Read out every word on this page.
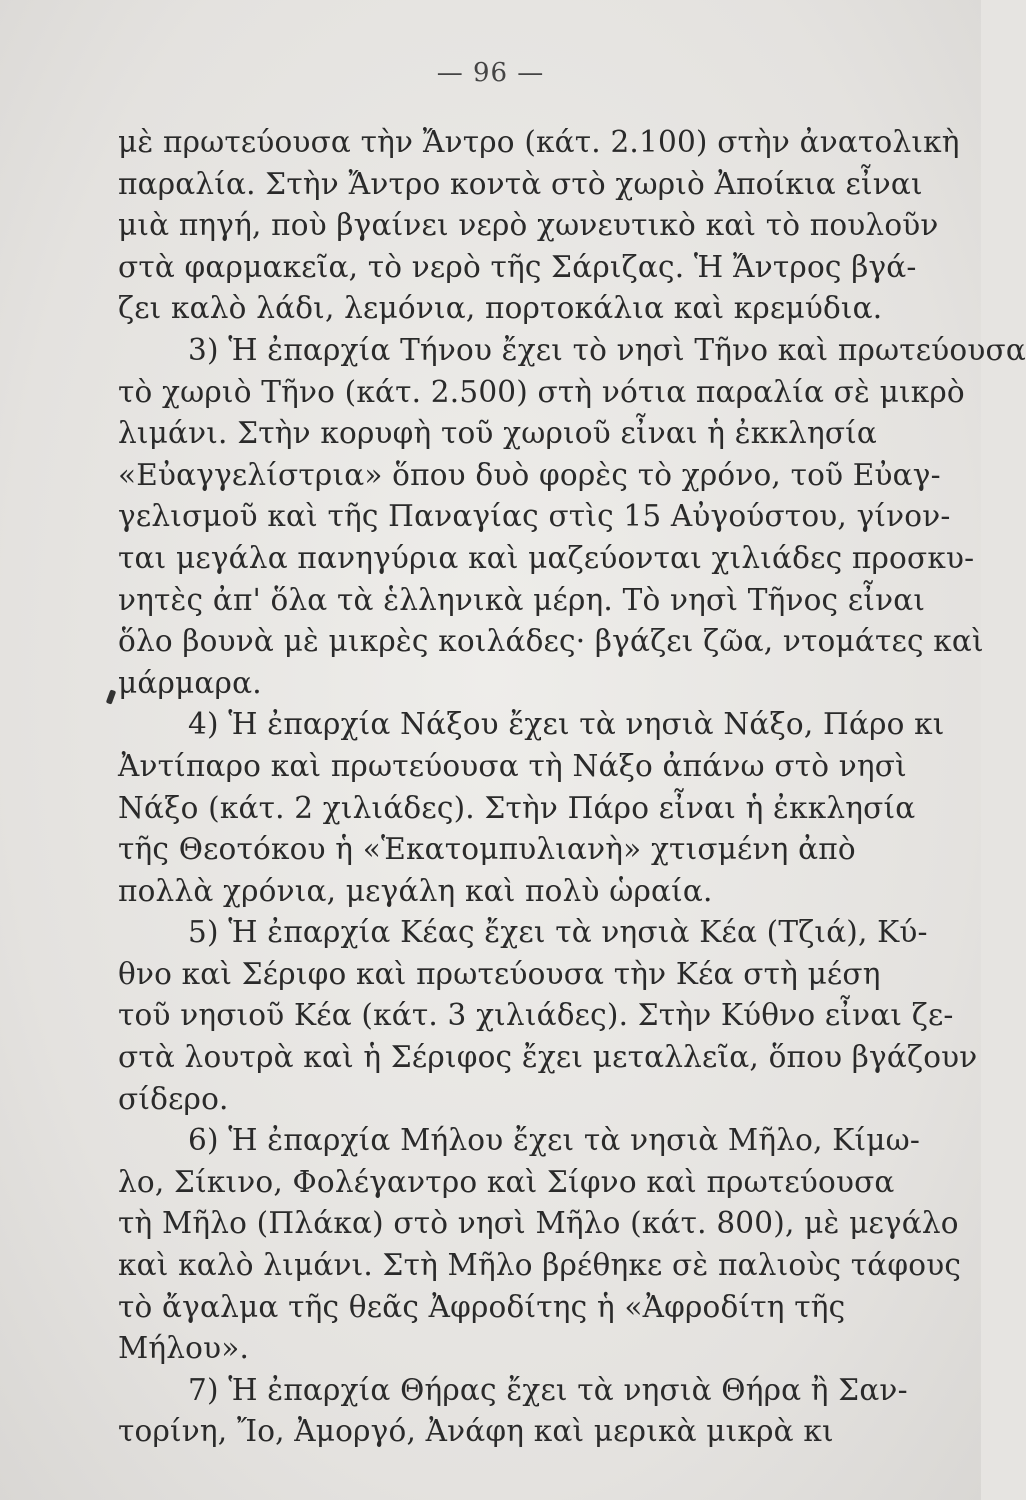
— 96 —

μὲ πρωτεύουσα τὴν Ἄντρο (κάτ. 2.100) στὴν ἀνατολικὴ
παραλία. Στὴν Ἄντρο κοντὰ στὸ χωριὸ Ἀποίκια εἶναι
μιὰ πηγή, ποὺ βγαίνει νερὸ χωνευτικὸ καὶ τὸ πουλοῦν
στὰ φαρμακεῖα, τὸ νερὸ τῆς Σάριζας. Ἡ Ἄντρος βγά-
ζει καλὸ λάδι, λεμόνια, πορτοκάλια καὶ κρεμύδια.

3) Ἡ ἐπαρχία Τήνου ἔχει τὸ νησὶ Τῆνο καὶ πρωτεύουσα
τὸ χωριὸ Τῆνο (κάτ. 2.500) στὴ νότια παραλία σὲ μικρὸ
λιμάνι. Στὴν κορυφὴ τοῦ χωριοῦ εἶναι ἡ ἐκκλησία
«Εὐαγγελίστρια» ὅπου δυὸ φορὲς τὸ χρόνο, τοῦ Εὐαγ-
γελισμοῦ καὶ τῆς Παναγίας στὶς 15 Αὐγούστου, γίνον-
ται μεγάλα πανηγύρια καὶ μαζεύονται χιλιάδες προσκυ-
νητὲς ἀπ' ὅλα τὰ ἑλληνικὰ μέρη. Τὸ νησὶ Τῆνος εἶναι
ὅλο βουνὰ μὲ μικρὲς κοιλάδες· βγάζει ζῶα, ντομάτες καὶ
μάρμαρα.

4) Ἡ ἐπαρχία Νάξου ἔχει τὰ νησιὰ Νάξο, Πάρο κι
Ἀντίπαρο καὶ πρωτεύουσα τὴ Νάξο ἀπάνω στὸ νησὶ
Νάξο (κάτ. 2 χιλιάδες). Στὴν Πάρο εἶναι ἡ ἐκκλησία
τῆς Θεοτόκου ἡ «Ἑκατομπυλιανὴ» χτισμένη ἀπὸ
πολλὰ χρόνια, μεγάλη καὶ πολὺ ὡραία.

5) Ἡ ἐπαρχία Κέας ἔχει τὰ νησιὰ Κέα (Τζιά), Κύ-
θνο καὶ Σέριφο καὶ πρωτεύουσα τὴν Κέα στὴ μέση
τοῦ νησιοῦ Κέα (κάτ. 3 χιλιάδες). Στὴν Κύθνο εἶναι ζε-
στὰ λουτρὰ καὶ ἡ Σέριφος ἔχει μεταλλεῖα, ὅπου βγάζουν
σίδερο.

6) Ἡ ἐπαρχία Μήλου ἔχει τὰ νησιὰ Μῆλο, Κίμω-
λο, Σίκινο, Φολέγαντρο καὶ Σίφνο καὶ πρωτεύουσα
τὴ Μῆλο (Πλάκα) στὸ νησὶ Μῆλο (κάτ. 800), μὲ μεγάλο
καὶ καλὸ λιμάνι. Στὴ Μῆλο βρέθηκε σὲ παλιοὺς τάφους
τὸ ἄγαλμα τῆς θεᾶς Ἀφροδίτης ἡ «Ἀφροδίτη τῆς
Μήλου».

7) Ἡ ἐπαρχία Θήρας ἔχει τὰ νησιὰ Θήρα ἢ Σαν-
τορίνη, Ἴο, Ἀμοργό, Ἀνάφη καὶ μερικὰ μικρὰ κι
